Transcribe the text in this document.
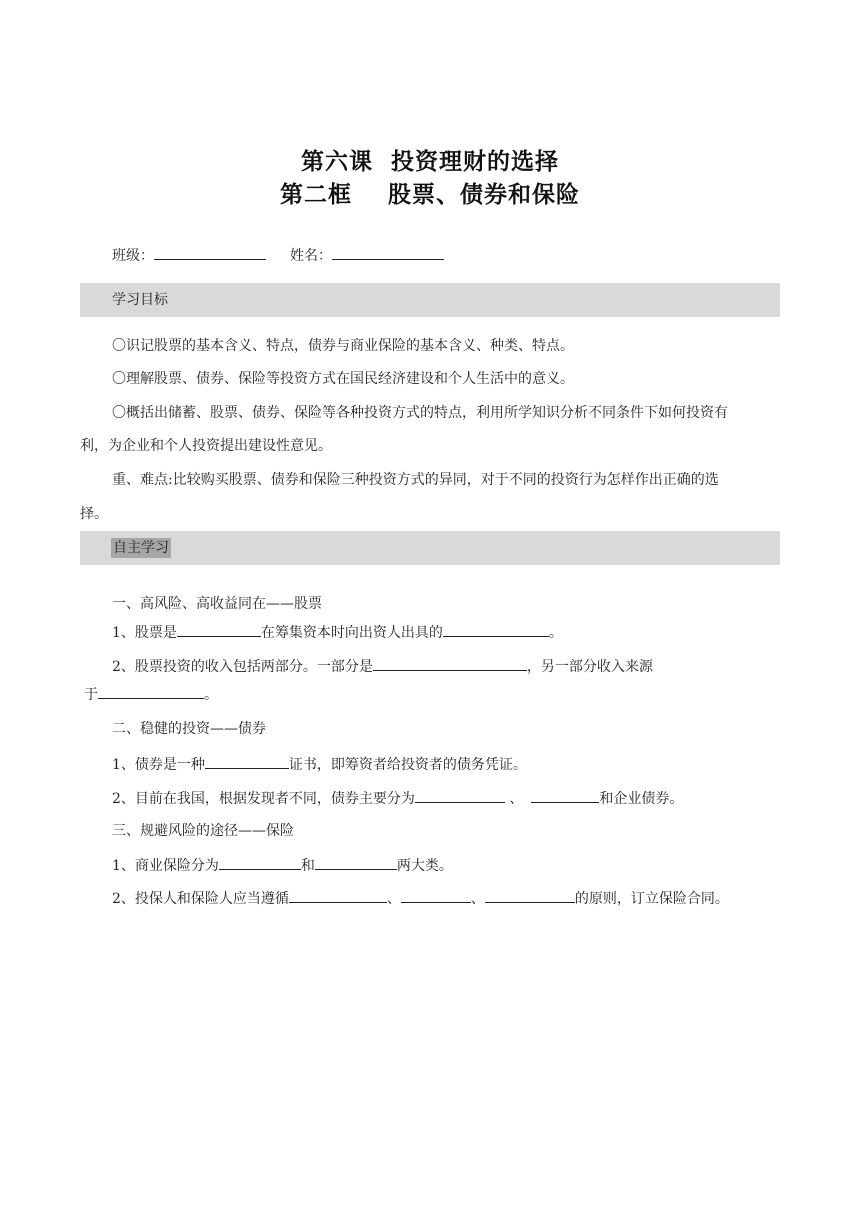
第六课  投资理财的选择
第二框    股票、债券和保险
班级：	姓名：
学习目标
〇识记股票的基本含义、特点，债券与商业保险的基本含义、种类、特点。
〇理解股票、债券、保险等投资方式在国民经济建设和个人生活中的意义。
〇概括出储蓄、股票、债券、保险等各种投资方式的特点，利用所学知识分析不同条件下如何投资有
利，为企业和个人投资提出建设性意见。
重、难点:比较购买股票、债券和保险三种投资方式的异同，对于不同的投资行为怎样作出正确的选
择。
自主学习
一、高风险、高收益同在——股票
1、股票是	在筹集资本时向出资人出具的	。
2、股票投资的收入包括两部分。一部分是	，另一部分收入来源
于	。
二、稳健的投资——债券
1、债券是一种	证书，即筹资者给投资者的债务凭证。
2、目前在我国，根据发现者不同，债券主要分为	、	和企业债券。
三、规避风险的途径——保险
1、商业保险分为	和	两大类。
2、投保人和保险人应当遵循	、	、	的原则，订立保险合同。
